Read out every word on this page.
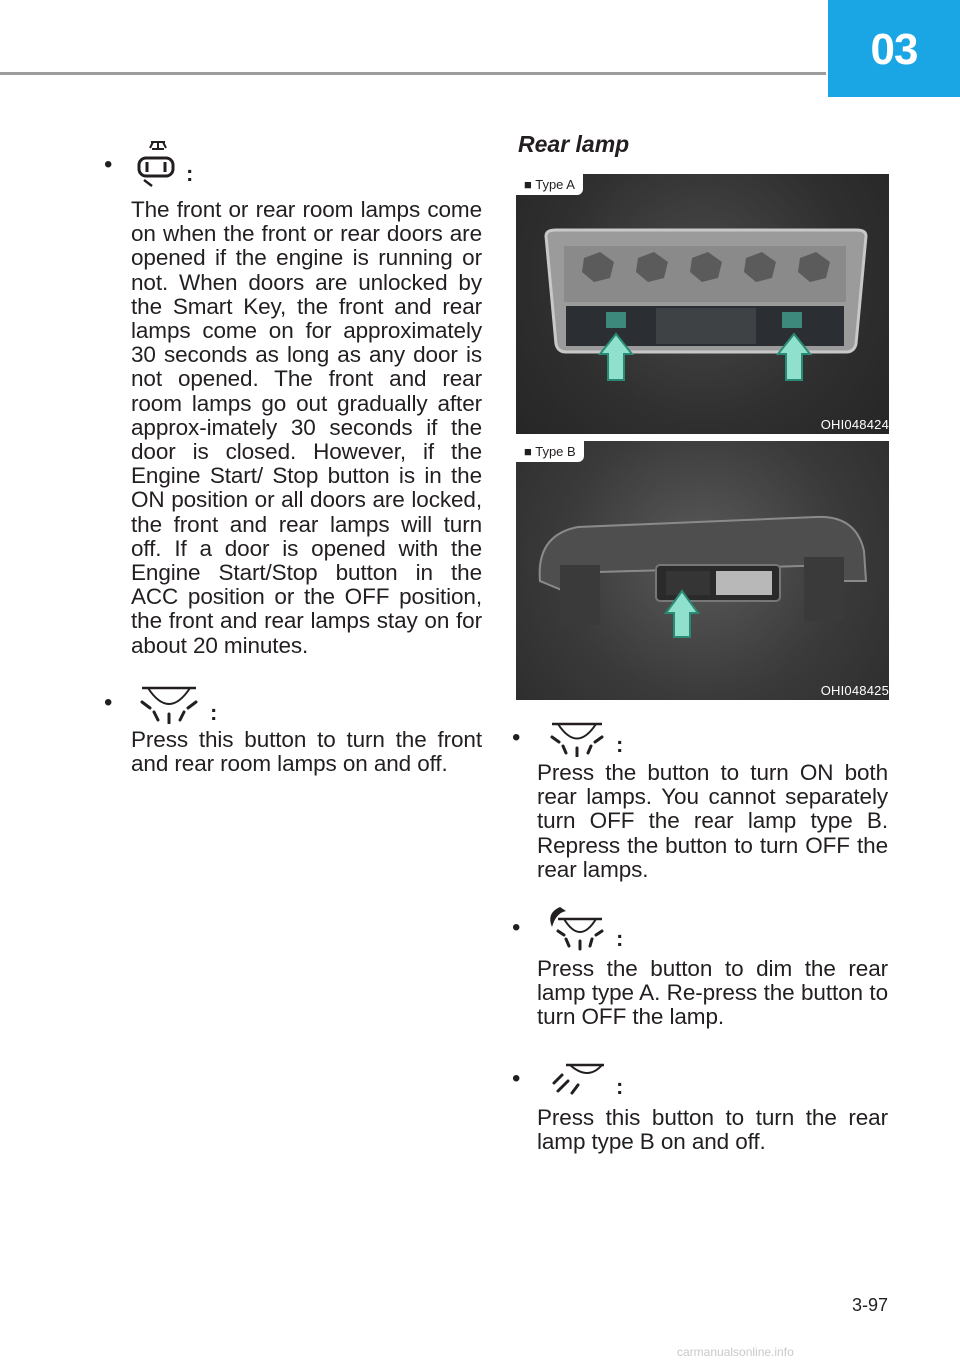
03
•	:

The front or rear room lamps come on when the front or rear doors are opened if the engine is running or not. When doors are unlocked by the Smart Key, the front and rear lamps come on for approximately 30 seconds as long as any door is not opened. The front and rear room lamps go out gradually after approx-imately 30 seconds if the door is closed. However, if the Engine Start/ Stop button is in the ON position or all doors are locked, the front and rear lamps will turn off. If a door is opened with the Engine Start/Stop button in the ACC position or the OFF position, the front and rear lamps stay on for about 20 minutes.

•	:

Press this button to turn the front and rear room lamps on and off.

Rear lamp
■ Type A
OHI048424
■ Type B
OHI048425
•	:

Press the button to turn ON both rear lamps. You cannot separately turn OFF the rear lamp type B. Repress the button to turn OFF the rear lamps.

•	:

Press the button to dim the rear lamp type A. Re-press the button to turn OFF the lamp.

•	:

Press this button to turn the rear lamp type B on and off.

3-97
carmanualsonline.info
